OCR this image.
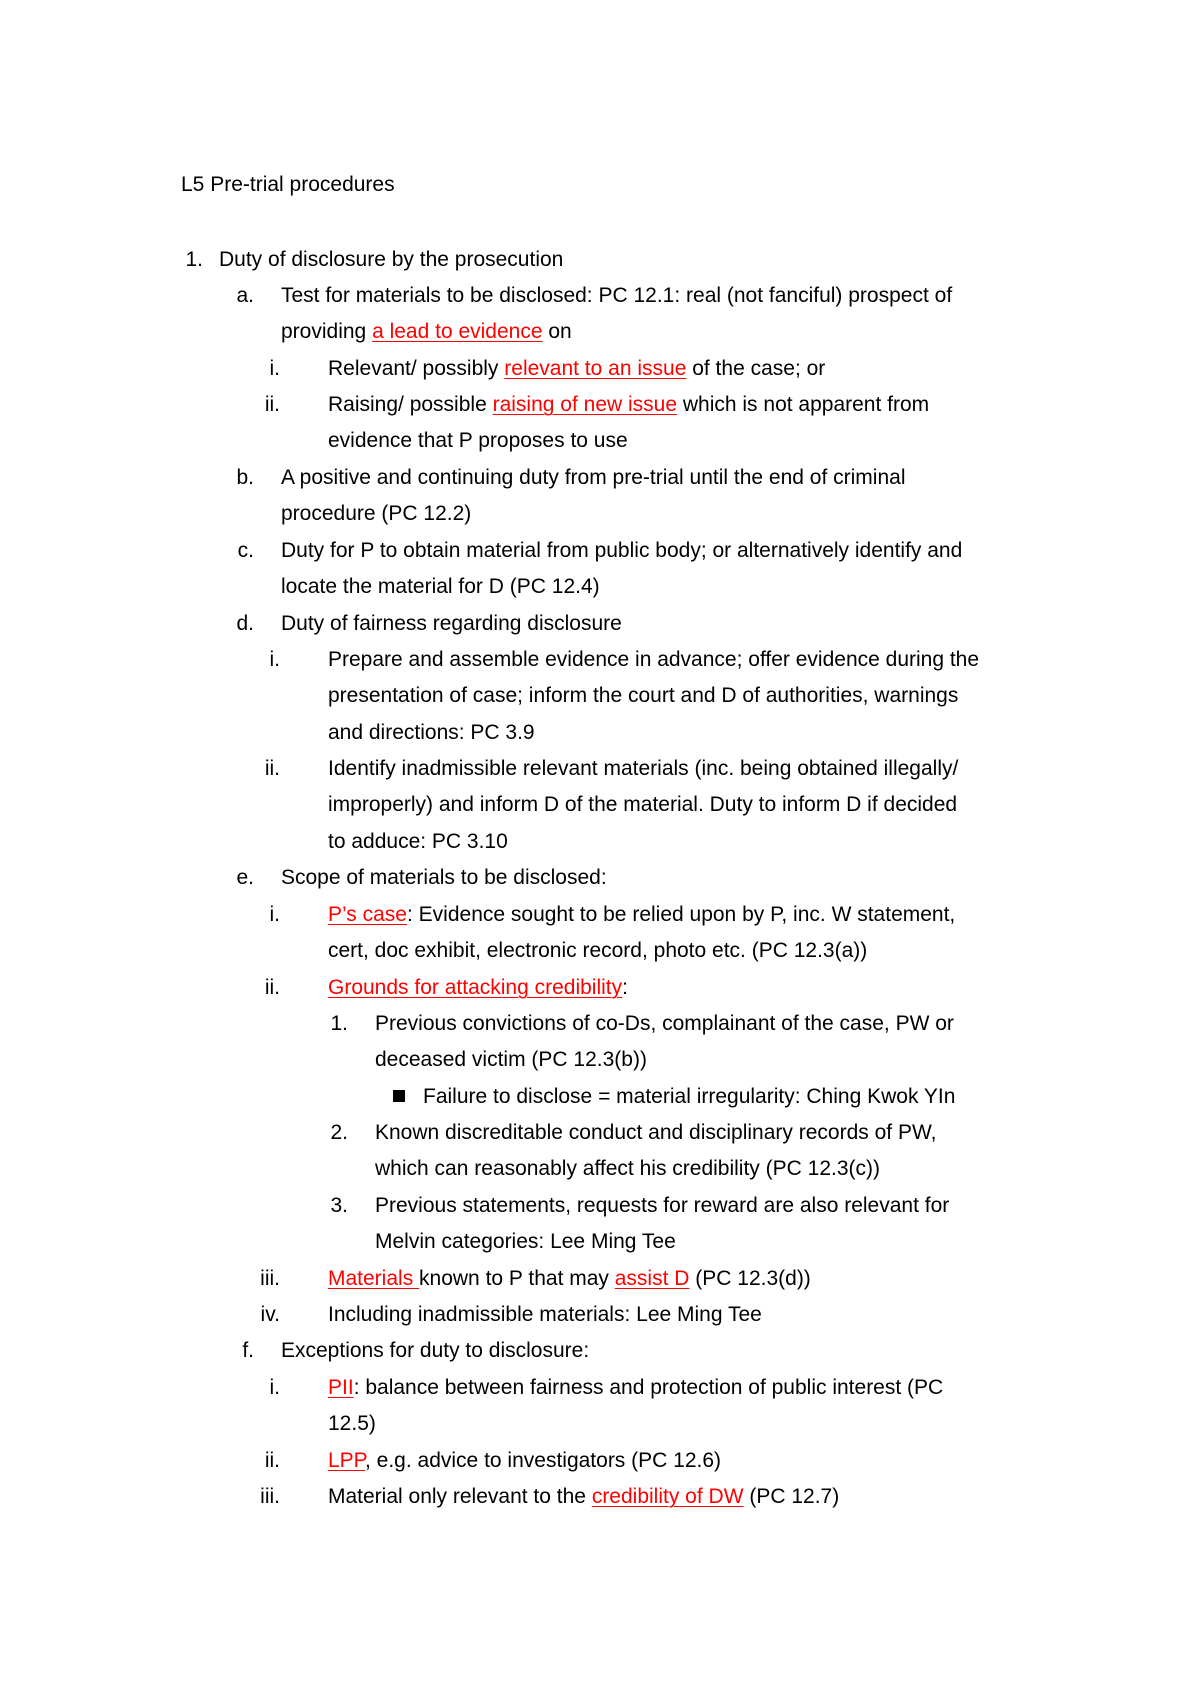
L5 Pre-trial procedures
1. Duty of disclosure by the prosecution
a. Test for materials to be disclosed: PC 12.1: real (not fanciful) prospect of
providing a lead to evidence on
i. Relevant/ possibly relevant to an issue of the case; or
ii. Raising/ possible raising of new issue which is not apparent from
evidence that P proposes to use
b. A positive and continuing duty from pre-trial until the end of criminal
procedure (PC 12.2)
c. Duty for P to obtain material from public body; or alternatively identify and
locate the material for D (PC 12.4)
d. Duty of fairness regarding disclosure
i. Prepare and assemble evidence in advance; offer evidence during the
presentation of case; inform the court and D of authorities, warnings
and directions: PC 3.9
ii. Identify inadmissible relevant materials (inc. being obtained illegally/
improperly) and inform D of the material. Duty to inform D if decided
to adduce: PC 3.10
e. Scope of materials to be disclosed:
i. P’s case: Evidence sought to be relied upon by P, inc. W statement,
cert, doc exhibit, electronic record, photo etc. (PC 12.3(a))
ii. Grounds for attacking credibility:
1. Previous convictions of co-Ds, complainant of the case, PW or
deceased victim (PC 12.3(b))
Failure to disclose = material irregularity: Ching Kwok YIn
2. Known discreditable conduct and disciplinary records of PW,
which can reasonably affect his credibility (PC 12.3(c))
3. Previous statements, requests for reward are also relevant for
Melvin categories: Lee Ming Tee
iii. Materials known to P that may assist D (PC 12.3(d))
iv. Including inadmissible materials: Lee Ming Tee
f. Exceptions for duty to disclosure:
i. PII: balance between fairness and protection of public interest (PC
12.5)
ii. LPP, e.g. advice to investigators (PC 12.6)
iii. Material only relevant to the credibility of DW (PC 12.7)
